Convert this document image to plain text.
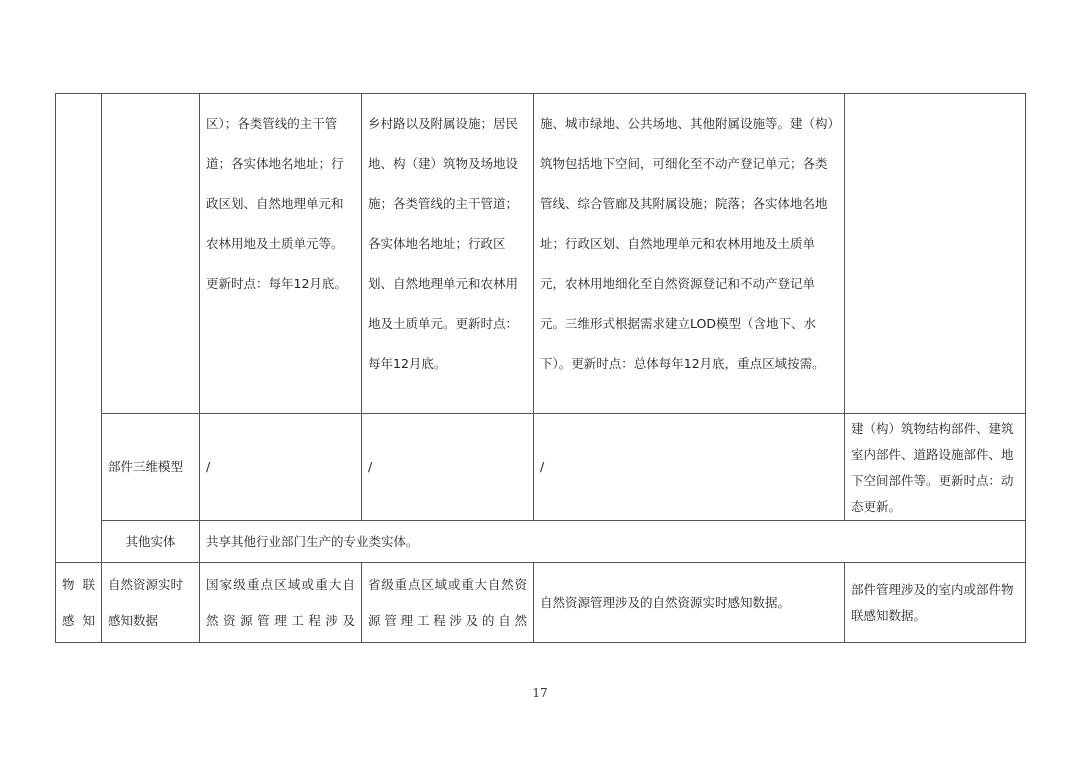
		区）；各类管线的主干管道；各实体地名地址；行政区划、自然地理单元和农林用地及土质单元等。更新时点：每年12月底。	乡村路以及附属设施；居民地、构（建）筑物及场地设施；各类管线的主干管道；各实体地名地址；行政区划、自然地理单元和农林用地及土质单元。更新时点：每年12月底。	施、城市绿地、公共场地、其他附属设施等。建（构）筑物包括地下空间，可细化至不动产登记单元；各类管线、综合管廊及其附属设施；院落；各实体地名地址；行政区划、自然地理单元和农林用地及土质单元，农林用地细化至自然资源登记和不动产登记单元。三维形式根据需求建立LOD模型（含地下、水下）。更新时点：总体每年12月底，重点区域按需。	

	部件三维模型	/	/	/	建（构）筑物结构部件、建筑室内部件、道路设施部件、地下空间部件等。更新时点：动态更新。

	其他实体	共享其他行业部门生产的专业类实体。			

物联感知	自然资源实时感知数据	国家级重点区域或重大自然资源管理工程涉及	省级重点区域或重大自然资源管理工程涉及的自然	自然资源管理涉及的自然资源实时感知数据。	部件管理涉及的室内或部件物联感知数据。
17
